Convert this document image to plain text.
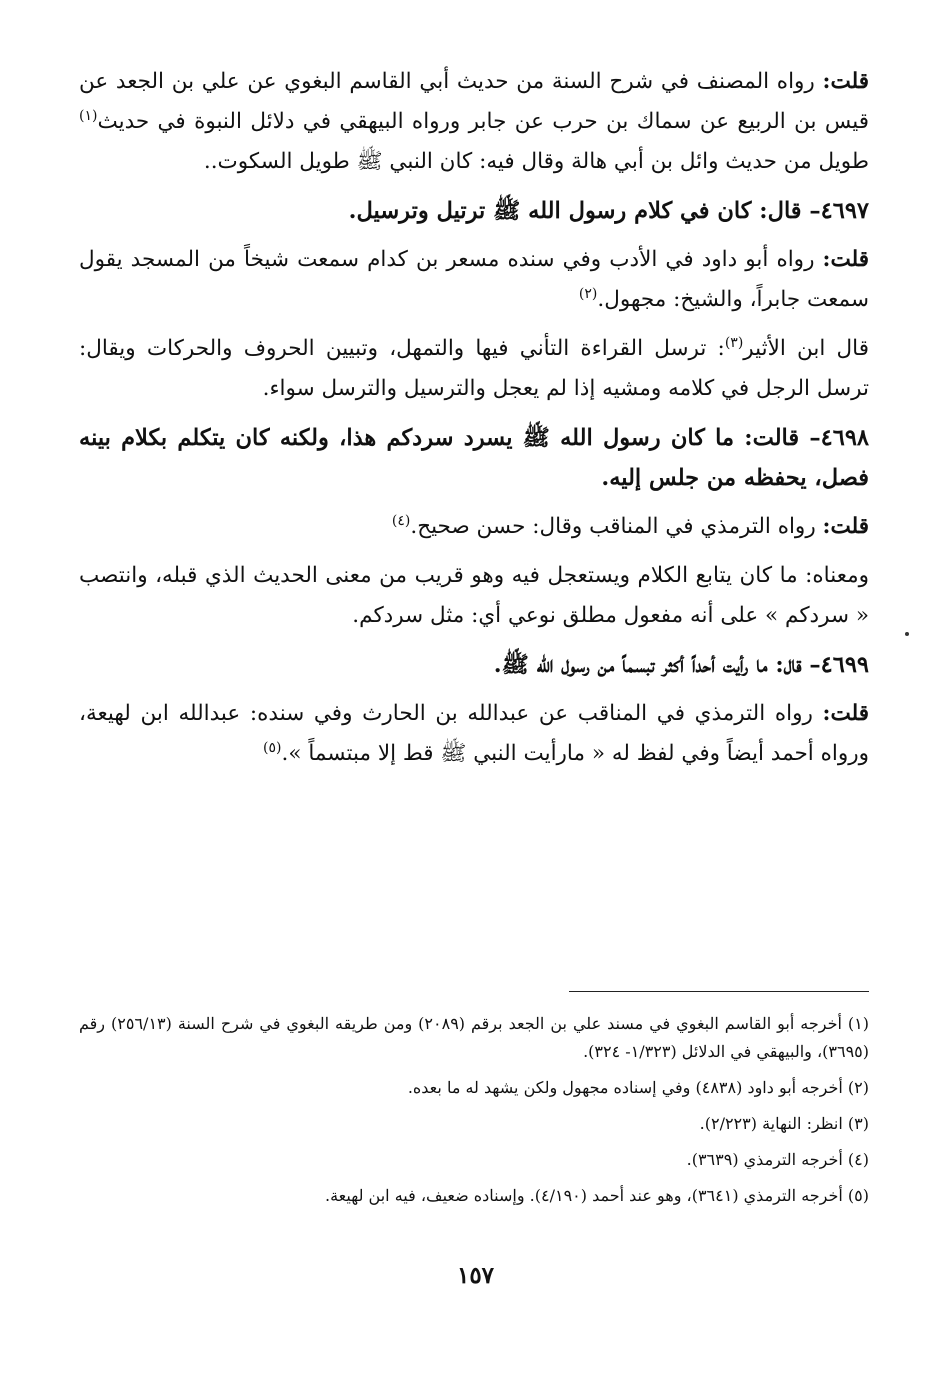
قلت: رواه المصنف في شرح السنة من حديث أبي القاسم البغوي عن علي بن الجعد عن قيس بن الربيع عن سماك بن حرب عن جابر ورواه البيهقي في دلائل النبوة في حديث$^{(١)}$ طويل من حديث وائل بن أبي هالة وقال فيه: كان النبي ﷺ طويل السكوت..

٤٦٩٧– قال: كان في كلام رسول الله ﷺ ترتيل وترسيل.

قلت: رواه أبو داود في الأدب وفي سنده مسعر بن كدام سمعت شيخاً من المسجد يقول سمعت جابراً، والشيخ: مجهول.$^{(٢)}$

قال ابن الأثير$^{(٣)}$: ترسل القراءة التأني فيها والتمهل، وتبيين الحروف والحركات ويقال: ترسل الرجل في كلامه ومشيه إذا لم يعجل والترسيل والترسل سواء.

٤٦٩٨– قالت: ما كان رسول الله ﷺ يسرد سردكم هذا، ولكنه كان يتكلم بكلام بينه فصل، يحفظه من جلس إليه.

قلت: رواه الترمذي في المناقب وقال: حسن صحيح.$^{(٤)}$

ومعناه: ما كان يتابع الكلام ويستعجل فيه وهو قريب من معنى الحديث الذي قبله، وانتصب « سردكم » على أنه مفعول مطلق نوعي أي: مثل سردكم.

٤٦٩٩– قال: ما رأيت أحداً أكثر تبسماً من رسول الله ﷺ.

قلت: رواه الترمذي في المناقب عن عبدالله بن الحارث وفي سنده: عبدالله ابن لهيعة، ورواه أحمد أيضاً وفي لفظ له « مارأيت النبي ﷺ قط إلا مبتسماً ».$^{(٥)}$

(١) أخرجه أبو القاسم البغوي في مسند علي بن الجعد برقم (٢٠٨٩) ومن طريقه البغوي في شرح السنة (٢٥٦/١٣) رقم (٣٦٩٥)، والبيهقي في الدلائل (١/٣٢٣- ٣٢٤).

(٢) أخرجه أبو داود (٤٨٣٨) وفي إسناده مجهول ولكن يشهد له ما بعده.

(٣) انظر: النهاية (٢/٢٢٣).

(٤) أخرجه الترمذي (٣٦٣٩).

(٥) أخرجه الترمذي (٣٦٤١)، وهو عند أحمد (٤/١٩٠). وإسناده ضعيف، فيه ابن لهيعة.

١٥٧
